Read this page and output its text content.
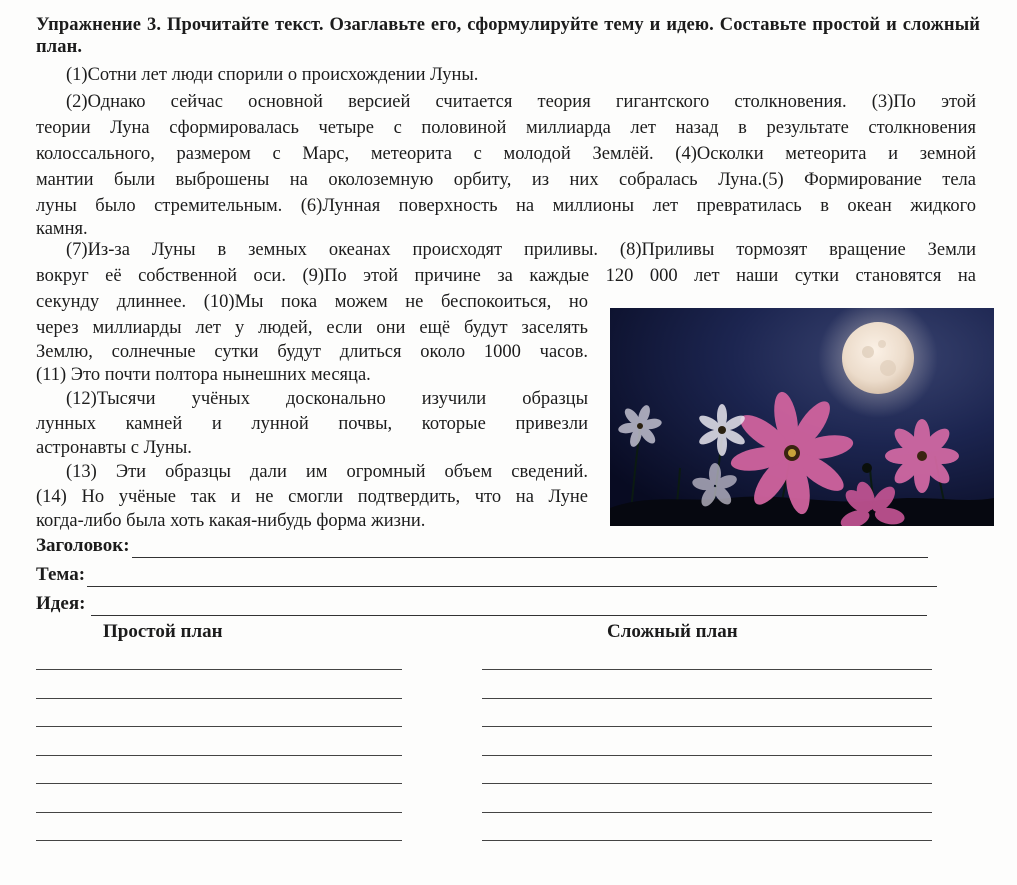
Упражнение 3. Прочитайте текст. Озаглавьте его, сформулируйте тему и идею. Составьте простой и сложный план.
(1)Сотни лет люди спорили о происхождении Луны.
(2)Однако сейчас основной версией считается теория гигантского столкновения. (3)По этой
теории Луна сформировалась четыре с половиной миллиарда лет назад в результате столкновения
колоссального, размером с Марс, метеорита с молодой Землёй. (4)Осколки метеорита и земной
мантии были выброшены на околоземную орбиту, из них собралась Луна.(5) Формирование тела
луны было стремительным. (6)Лунная поверхность на миллионы лет превратилась в океан жидкого
камня.
(7)Из-за Луны в земных океанах происходят приливы. (8)Приливы тормозят вращение Земли
вокруг её собственной оси. (9)По этой причине за каждые 120 000 лет наши сутки становятся на
секунду длиннее. (10)Мы пока можем не беспокоиться, но
через миллиарды лет у людей, если они ещё будут заселять
Землю, солнечные сутки будут длиться около 1000 часов.
(11) Это почти полтора нынешних месяца.
(12)Тысячи учёных досконально изучили образцы
лунных камней и лунной почвы, которые привезли
астронавты с Луны.
(13) Эти образцы дали им огромный объем сведений.
(14) Но учёные так и не смогли подтвердить, что на Луне
когда-либо была хоть какая-нибудь форма жизни.
Заголовок:
Тема:
Идея:
Простой план	Сложный план
